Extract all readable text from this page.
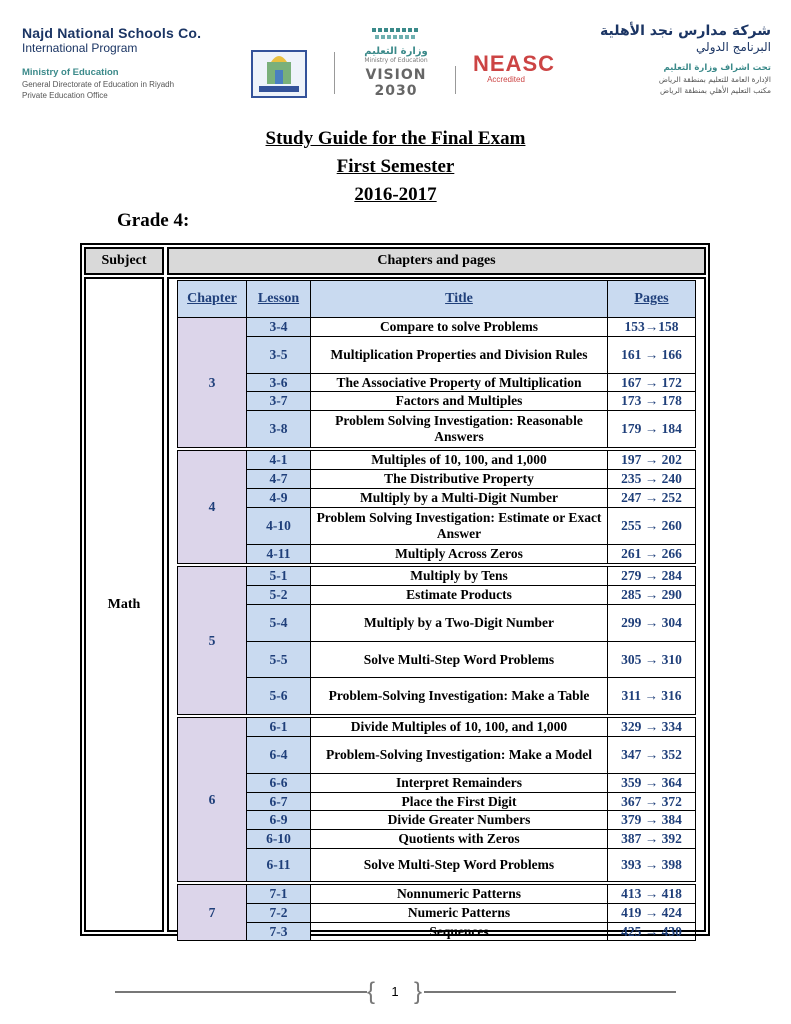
Najd National Schools Co.
International Program
Ministry of Education
General Directorate of Education in Riyadh
Private Education Office
وزارة التعليم
Ministry of Education
VISION 2030
NEASC
Accredited
شركة مدارس نجد الأهلية
البرنامج الدولي
تحت اشراف وزارة التعليم
الإدارة العامة للتعليم بمنطقة الرياض
مكتب التعليم الأهلي بمنطقة الرياض
Study Guide for the Final Exam
First Semester
2016-2017
Grade 4:
Subject	Chapters and pages
Math
Chapter	Lesson	Title	Pages
3	3-4	Compare to solve Problems	153→158
	3-5	Multiplication Properties and Division Rules	161 → 166
	3-6	The Associative Property of Multiplication	167 → 172
	3-7	Factors and Multiples	173 → 178
	3-8	Problem Solving Investigation: Reasonable Answers	179 → 184

4	4-1	Multiples of 10, 100, and 1,000	197 → 202
	4-7	The Distributive Property	235 → 240
	4-9	Multiply by a Multi-Digit Number	247 → 252
	4-10	Problem Solving Investigation: Estimate or Exact Answer	255 → 260
	4-11	Multiply Across Zeros	261 → 266

5	5-1	Multiply by Tens	279 → 284
	5-2	Estimate Products	285 → 290
	5-4	Multiply by a Two-Digit Number	299 → 304
	5-5	Solve Multi-Step Word Problems	305 → 310
	5-6	Problem-Solving Investigation: Make a Table	311 → 316

6	6-1	Divide Multiples of 10, 100, and 1,000	329 → 334
	6-4	Problem-Solving Investigation: Make a Model	347 → 352
	6-6	Interpret Remainders	359 → 364
	6-7	Place the First Digit	367 → 372
	6-9	Divide Greater Numbers	379 → 384
	6-10	Quotients with Zeros	387 → 392
	6-11	Solve Multi-Step Word Problems	393 → 398

7	7-1	Nonnumeric Patterns	413 → 418
	7-2	Numeric Patterns	419 → 424
	7-3	Sequences	425 → 430
{ }
1
